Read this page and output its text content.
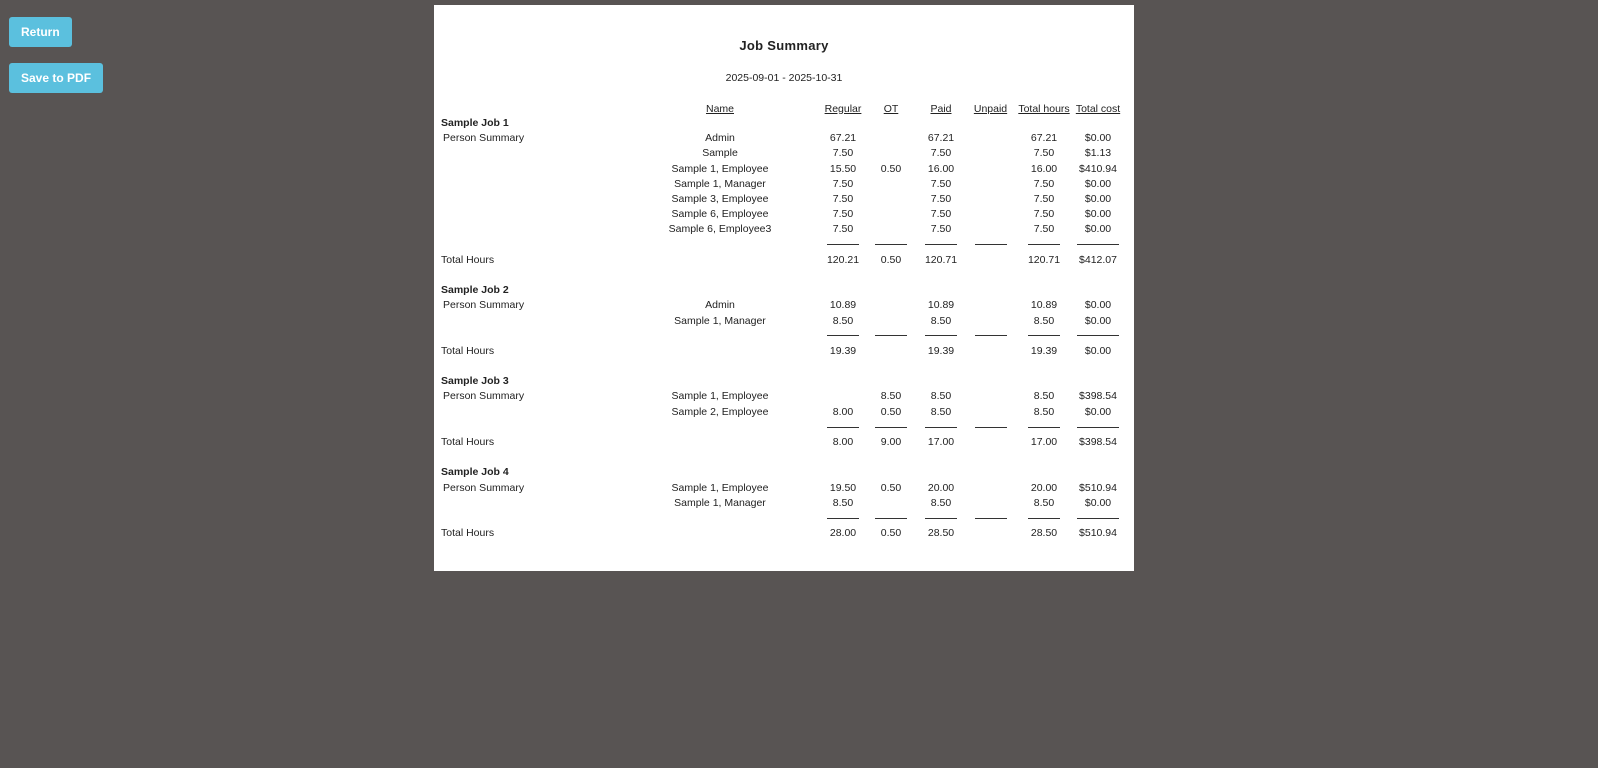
Return
Save to PDF
Job Summary
2025-09-01 - 2025-10-31
	Name	Regular	OT	Paid	Unpaid	Total hours	Total cost
Sample Job 1							
Person Summary	Admin	67.21		67.21		67.21	$0.00
	Sample	7.50		7.50		7.50	$1.13
	Sample 1, Employee	15.50	0.50	16.00		16.00	$410.94
	Sample 1, Manager	7.50		7.50		7.50	$0.00
	Sample 3, Employee	7.50		7.50		7.50	$0.00
	Sample 6, Employee	7.50		7.50		7.50	$0.00
	Sample 6, Employee3	7.50		7.50		7.50	$0.00

Total Hours		120.21	0.50	120.71		120.71	$412.07

Sample Job 2							
Person Summary	Admin	10.89		10.89		10.89	$0.00
	Sample 1, Manager	8.50		8.50		8.50	$0.00

Total Hours		19.39		19.39		19.39	$0.00

Sample Job 3							
Person Summary	Sample 1, Employee		8.50	8.50		8.50	$398.54
	Sample 2, Employee	8.00	0.50	8.50		8.50	$0.00

Total Hours		8.00	9.00	17.00		17.00	$398.54

Sample Job 4							
Person Summary	Sample 1, Employee	19.50	0.50	20.00		20.00	$510.94
	Sample 1, Manager	8.50		8.50		8.50	$0.00

Total Hours		28.00	0.50	28.50		28.50	$510.94
